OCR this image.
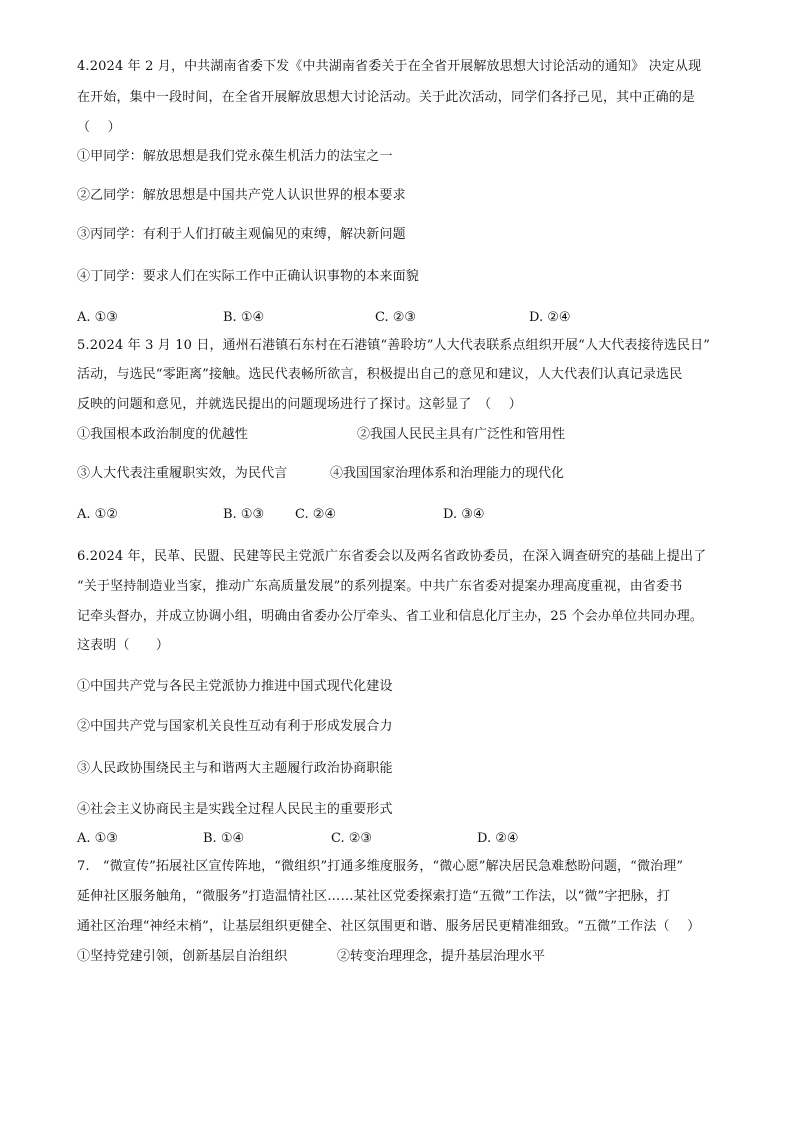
4.2024 年 2 月，中共湖南省委下发《中共湖南省委关于在全省开展解放思想大讨论活动的通知》 决定从现
在开始，集中一段时间，在全省开展解放思想大讨论活动。关于此次活动，同学们各抒己见，其中正确的是
（　 ）
①甲同学：解放思想是我们党永葆生机活力的法宝之一
②乙同学：解放思想是中国共产党人认识世界的根本要求
③丙同学：有利于人们打破主观偏见的束缚，解决新问题
④丁同学：要求人们在实际工作中正确认识事物的本来面貌
A. ①③	B. ①④	C. ②③	D. ②④
5.2024 年 3 月 10 日，通州石港镇石东村在石港镇“善聆坊”人大代表联系点组织开展“人大代表接待选民日”
活动，与选民“零距离”接触。选民代表畅所欲言，积极提出自己的意见和建议，人大代表们认真记录选民
反映的问题和意见，并就选民提出的问题现场进行了探讨。这彰显了　（　 ）
①我国根本政治制度的优越性	②我国人民民主具有广泛性和管用性
③人大代表注重履职实效，为民代言	④我国国家治理体系和治理能力的现代化
A. ①②	B. ①③ C. ②④	D. ③④
6.2024 年，民革、民盟、民建等民主党派广东省委会以及两名省政协委员，在深入调查研究的基础上提出了
“关于坚持制造业当家，推动广东高质量发展”的系列提案。中共广东省委对提案办理高度重视，由省委书
记牵头督办，并成立协调小组，明确由省委办公厅牵头、省工业和信息化厅主办，25 个会办单位共同办理。
这表明（　　）
①中国共产党与各民主党派协力推进中国式现代化建设
②中国共产党与国家机关良性互动有利于形成发展合力
③人民政协围绕民主与和谐两大主题履行政治协商职能
④社会主义协商民主是实践全过程人民民主的重要形式
A. ①③	B. ①④	C. ②③	D. ②④
7.　“微宣传”拓展社区宣传阵地，“微组织”打通多维度服务，“微心愿”解决居民急难愁盼问题，“微治理”
延伸社区服务触角，“微服务”打造温情社区……某社区党委探索打造“五微”工作法，以“微”字把脉，打
通社区治理“神经末梢”，让基层组织更健全、社区氛围更和谐、服务居民更精准细致。“五微”工作法（　 ）
①坚持党建引领，创新基层自治组织	②转变治理理念，提升基层治理水平
